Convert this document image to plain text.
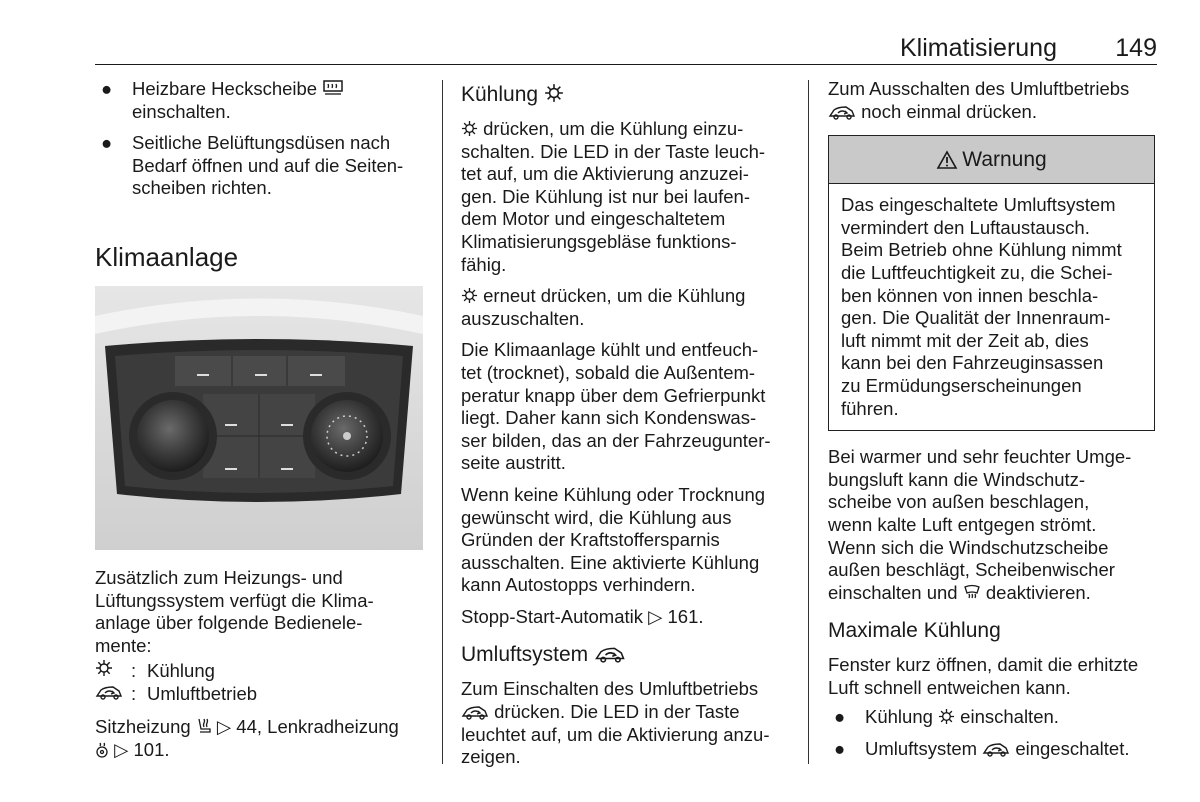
Klimatisierung 149
● Heizbare Heckscheibe
einschalten.
● Seitliche Belüftungsdüsen nach
Bedarf öffnen und auf die Seiten-
scheiben richten.
Klimaanlage
Zusätzlich zum Heizungs- und
Lüftungssystem verfügt die Klima-
anlage über folgende Bedienele-
mente:
: Kühlung
: Umluftbetrieb
Sitzheizung  ▷ 44, Lenkradheizung
▷ 101.
Kühlung
drücken, um die Kühlung einzu-
schalten. Die LED in der Taste leuch-
tet auf, um die Aktivierung anzuzei-
gen. Die Kühlung ist nur bei laufen-
dem Motor und eingeschaltetem
Klimatisierungsgebläse funktions-
fähig.
erneut drücken, um die Kühlung
auszuschalten.
Die Klimaanlage kühlt und entfeuch-
tet (trocknet), sobald die Außentem-
peratur knapp über dem Gefrierpunkt
liegt. Daher kann sich Kondenswas-
ser bilden, das an der Fahrzeugunter-
seite austritt.
Wenn keine Kühlung oder Trocknung
gewünscht wird, die Kühlung aus
Gründen der Kraftstoffersparnis
ausschalten. Eine aktivierte Kühlung
kann Autostopps verhindern.
Stopp-Start-Automatik ▷ 161.
Umluftsystem
Zum Einschalten des Umluftbetriebs
drücken. Die LED in der Taste
leuchtet auf, um die Aktivierung anzu-
zeigen.
Zum Ausschalten des Umluftbetriebs
noch einmal drücken.
Warnung
Das eingeschaltete Umluftsystem
vermindert den Luftaustausch.
Beim Betrieb ohne Kühlung nimmt
die Luftfeuchtigkeit zu, die Schei-
ben können von innen beschla-
gen. Die Qualität der Innenraum-
luft nimmt mit der Zeit ab, dies
kann bei den Fahrzeuginsassen
zu Ermüdungserscheinungen
führen.
Bei warmer und sehr feuchter Umge-
bungsluft kann die Windschutz-
scheibe von außen beschlagen,
wenn kalte Luft entgegen strömt.
Wenn sich die Windschutzscheibe
außen beschlägt, Scheibenwischer
einschalten und  deaktivieren.
Maximale Kühlung
Fenster kurz öffnen, damit die erhitzte
Luft schnell entweichen kann.
● Kühlung  einschalten.
● Umluftsystem  eingeschaltet.
